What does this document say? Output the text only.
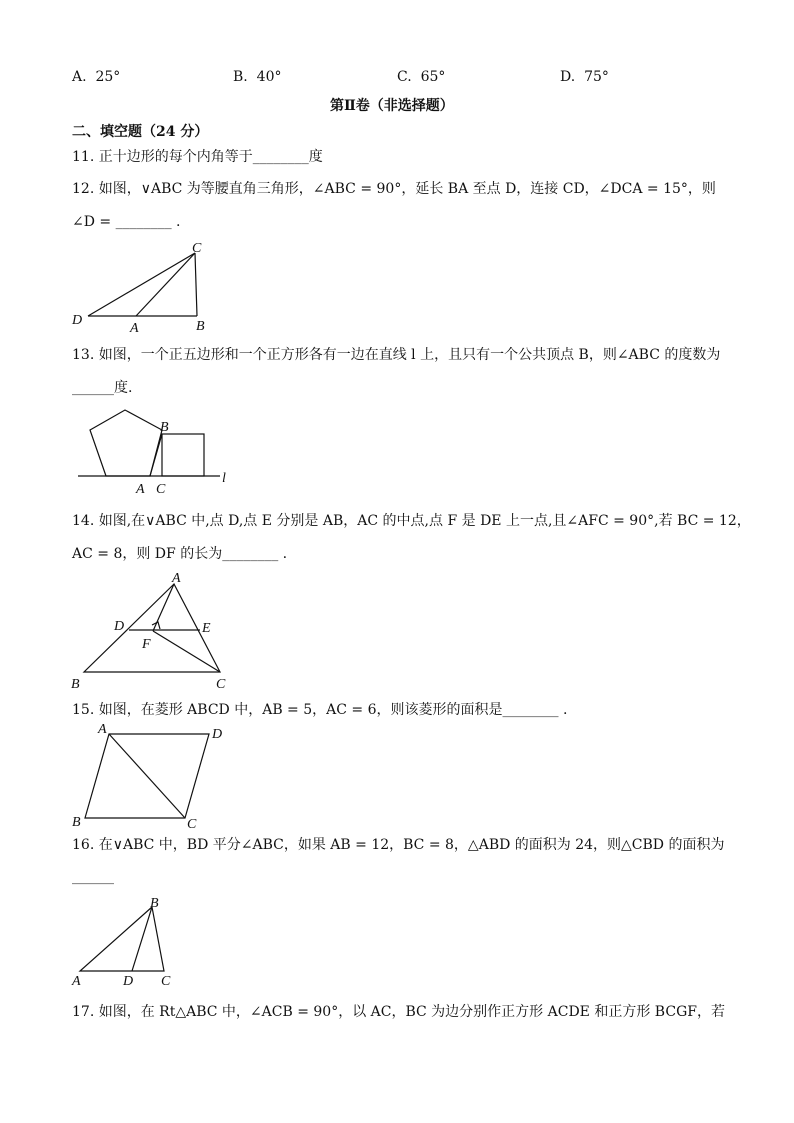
A. 25°	B. 40°	C. 65°	D. 75°
第Ⅱ卷（非选择题）
二、填空题（24 分）
11. 正十边形的每个内角等于________度
12. 如图，∨ABC 为等腰直角三角形，∠ABC = 90°，延长 BA 至点 D，连接 CD，∠DCA = 15°，则
∠D = ________ .
C
D
A	B
13. 如图，一个正五边形和一个正方形各有一边在直线 l 上，且只有一个公共顶点 B，则∠ABC 的度数为
______度.
B
A C
l
14. 如图,在∨ABC 中,点 D,点 E 分别是 AB，AC 的中点,点 F 是 DE 上一点,且∠AFC = 90°,若 BC = 12，
AC = 8，则 DF 的长为________ .
A
D	E
F
B	C
15. 如图，在菱形 ABCD 中，AB = 5，AC = 6，则该菱形的面积是________ .
A	D
B	C
16. 在∨ABC 中，BD 平分∠ABC，如果 AB = 12，BC = 8，△ABD 的面积为 24，则△CBD 的面积为
______
B
A	D C
17. 如图，在 Rt△ABC 中，∠ACB = 90°，以 AC，BC 为边分别作正方形 ACDE 和正方形 BCGF，若
